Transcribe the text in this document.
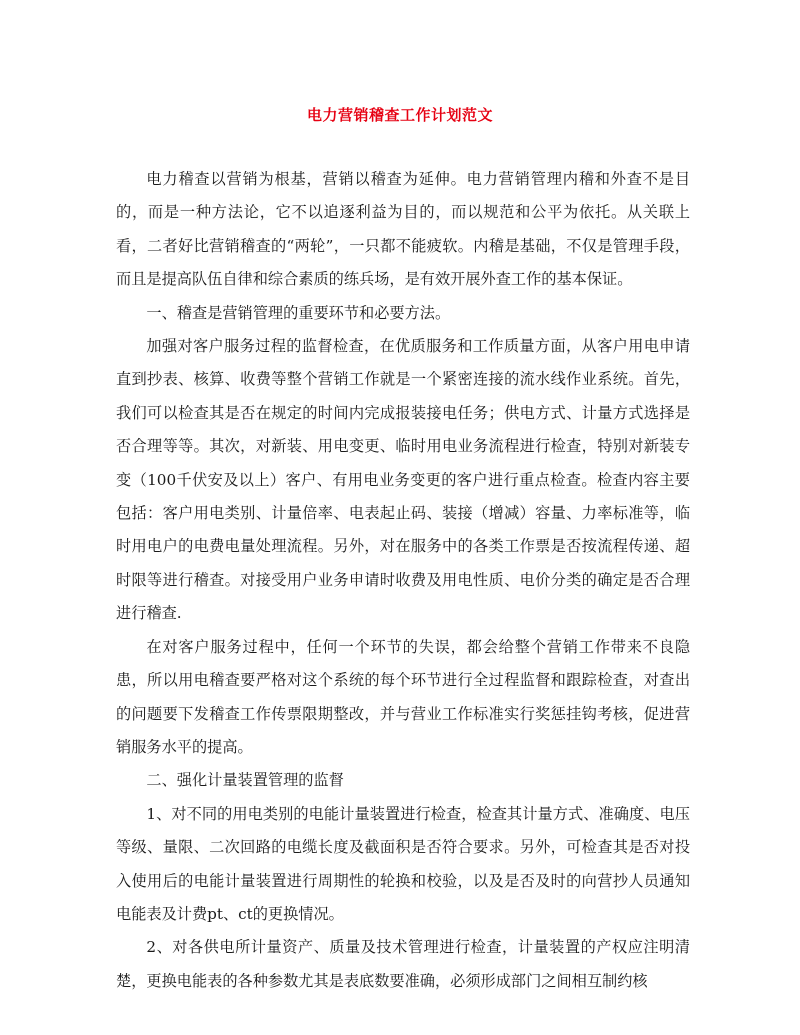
电力营销稽查工作计划范文

电力稽查以营销为根基，营销以稽查为延伸。电力营销管理内稽和外查不是目的，而是一种方法论，它不以追逐利益为目的，而以规范和公平为依托。从关联上看，二者好比营销稽查的“两轮”，一只都不能疲软。内稽是基础，不仅是管理手段，而且是提高队伍自律和综合素质的练兵场，是有效开展外查工作的基本保证。

一、稽查是营销管理的重要环节和必要方法。

加强对客户服务过程的监督检查，在优质服务和工作质量方面，从客户用电申请直到抄表、核算、收费等整个营销工作就是一个紧密连接的流水线作业系统。首先，我们可以检查其是否在规定的时间内完成报装接电任务；供电方式、计量方式选择是否合理等等。其次，对新装、用电变更、临时用电业务流程进行检查，特别对新装专变（100千伏安及以上）客户、有用电业务变更的客户进行重点检查。检查内容主要包括：客户用电类别、计量倍率、电表起止码、装接（增减）容量、力率标准等，临时用电户的电费电量处理流程。另外，对在服务中的各类工作票是否按流程传递、超时限等进行稽查。对接受用户业务申请时收费及用电性质、电价分类的确定是否合理进行稽查.

在对客户服务过程中，任何一个环节的失误，都会给整个营销工作带来不良隐患，所以用电稽查要严格对这个系统的每个环节进行全过程监督和跟踪检查，对查出的问题要下发稽查工作传票限期整改，并与营业工作标准实行奖惩挂钩考核，促进营销服务水平的提高。

二、强化计量装置管理的监督

1、对不同的用电类别的电能计量装置进行检查，检查其计量方式、准确度、电压等级、量限、二次回路的电缆长度及截面积是否符合要求。另外，可检查其是否对投入使用后的电能计量装置进行周期性的轮换和校验，以及是否及时的向营抄人员通知电能表及计费pt、ct的更换情况。

2、对各供电所计量资产、质量及技术管理进行检查，计量装置的产权应注明清楚，更换电能表的各种参数尤其是表底数要准确，必须形成部门之间相互制约核
